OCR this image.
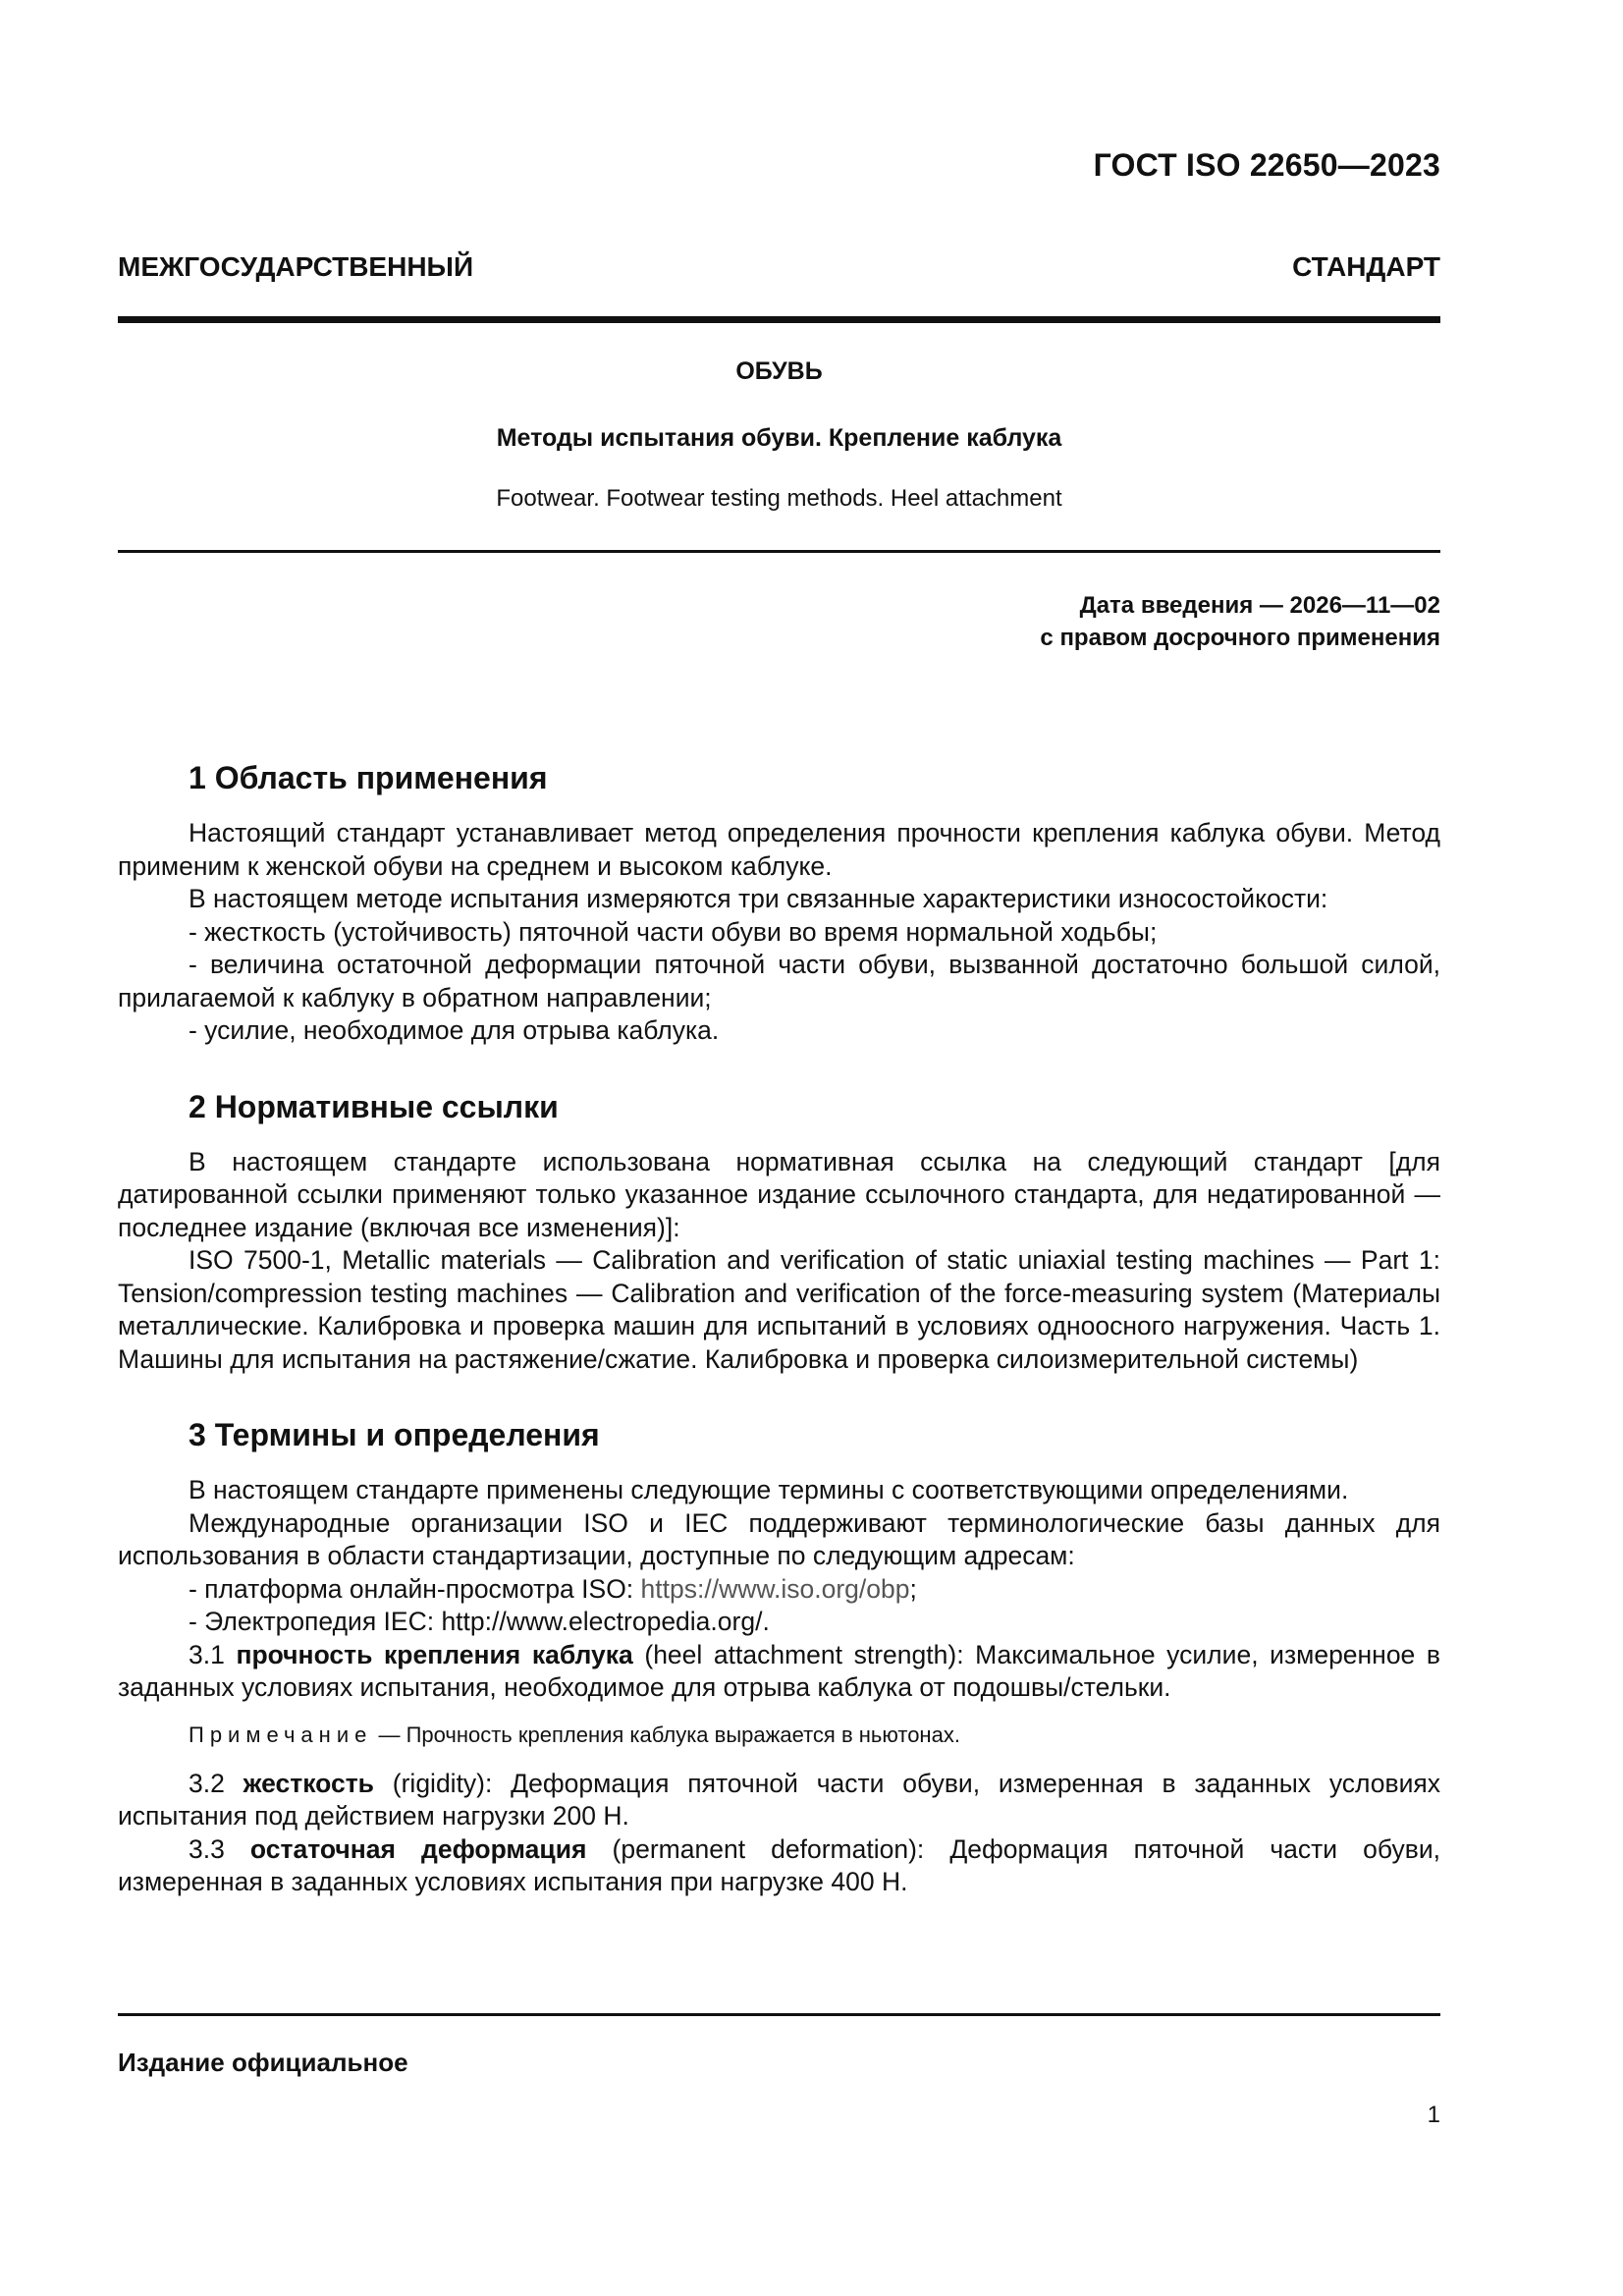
ГОСТ ISO 22650—2023
МЕЖГОСУДАРСТВЕННЫЙ СТАНДАРТ
ОБУВЬ
Методы испытания обуви. Крепление каблука
Footwear. Footwear testing methods. Heel attachment
Дата введения — 2026—11—02
с правом досрочного применения
1 Область применения

Настоящий стандарт устанавливает метод определения прочности крепления каблука обуви. Метод применим к женской обуви на среднем и высоком каблуке.

В настоящем методе испытания измеряются три связанные характеристики износостойкости:

- жесткость (устойчивость) пяточной части обуви во время нормальной ходьбы;

- величина остаточной деформации пяточной части обуви, вызванной достаточно большой силой, прилагаемой к каблуку в обратном направлении;

- усилие, необходимое для отрыва каблука.

2 Нормативные ссылки

В настоящем стандарте использована нормативная ссылка на следующий стандарт [для датированной ссылки применяют только указанное издание ссылочного стандарта, для недатированной — последнее издание (включая все изменения)]:

ISO 7500-1, Metallic materials — Calibration and verification of static uniaxial testing machines — Part 1: Tension/compression testing machines — Calibration and verification of the force-measuring system (Материалы металлические. Калибровка и проверка машин для испытаний в условиях одноосного нагружения. Часть 1. Машины для испытания на растяжение/сжатие. Калибровка и проверка силоизмерительной системы)

3 Термины и определения

В настоящем стандарте применены следующие термины с соответствующими определениями.

Международные организации ISO и IEC поддерживают терминологические базы данных для использования в области стандартизации, доступные по следующим адресам:

- платформа онлайн-просмотра ISO: https://www.iso.org/obp;

- Электропедия IEC: http://www.electropedia.org/.

3.1 прочность крепления каблука (heel attachment strength): Максимальное усилие, измеренное в заданных условиях испытания, необходимое для отрыва каблука от подошвы/стельки.

Примечание — Прочность крепления каблука выражается в ньютонах.

3.2 жесткость (rigidity): Деформация пяточной части обуви, измеренная в заданных условиях испытания под действием нагрузки 200 Н.

3.3 остаточная деформация (permanent deformation): Деформация пяточной части обуви, измеренная в заданных условиях испытания при нагрузке 400 Н.

Издание официальное
1
